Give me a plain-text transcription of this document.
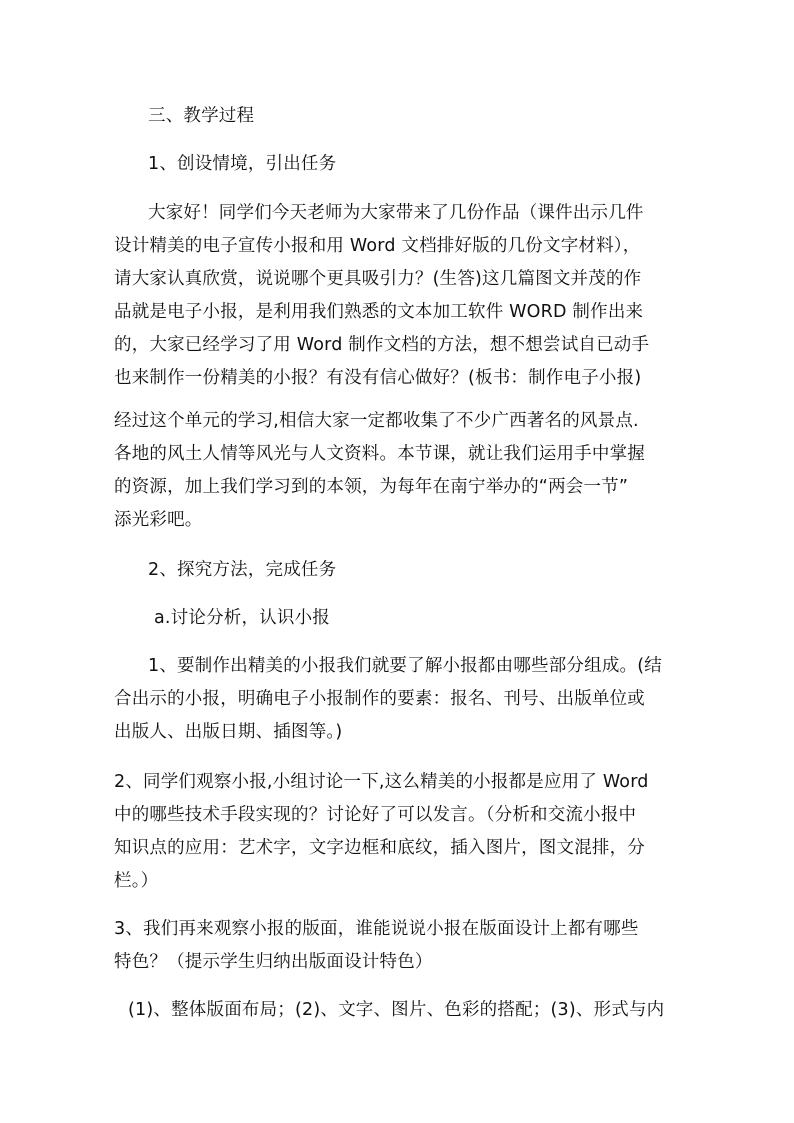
三、教学过程
1、创设情境，引出任务
大家好！同学们今天老师为大家带来了几份作品（课件出示几件
设计精美的电子宣传小报和用 Word 文档排好版的几份文字材料），
请大家认真欣赏，说说哪个更具吸引力？(生答)这几篇图文并茂的作
品就是电子小报，是利用我们熟悉的文本加工软件 WORD 制作出来
的，大家已经学习了用 Word 制作文档的方法，想不想尝试自已动手
也来制作一份精美的小报？有没有信心做好？(板书：制作电子小报)
经过这个单元的学习,相信大家一定都收集了不少广西著名的风景点.
各地的风土人情等风光与人文资料。本节课，就让我们运用手中掌握
的资源，加上我们学习到的本领，为每年在南宁举办的“两会一节”
添光彩吧。
2、探究方法，完成任务
a.讨论分析，认识小报
1、要制作出精美的小报我们就要了解小报都由哪些部分组成。(结
合出示的小报，明确电子小报制作的要素：报名、刊号、出版单位或
出版人、出版日期、插图等。)
2、同学们观察小报,小组讨论一下,这么精美的小报都是应用了 Word
中的哪些技术手段实现的？讨论好了可以发言。（分析和交流小报中
知识点的应用：艺术字，文字边框和底纹，插入图片，图文混排，分
栏。）
3、我们再来观察小报的版面，谁能说说小报在版面设计上都有哪些
特色？（提示学生归纳出版面设计特色）
(1)、整体版面布局；(2)、文字、图片、色彩的搭配；(3)、形式与内
